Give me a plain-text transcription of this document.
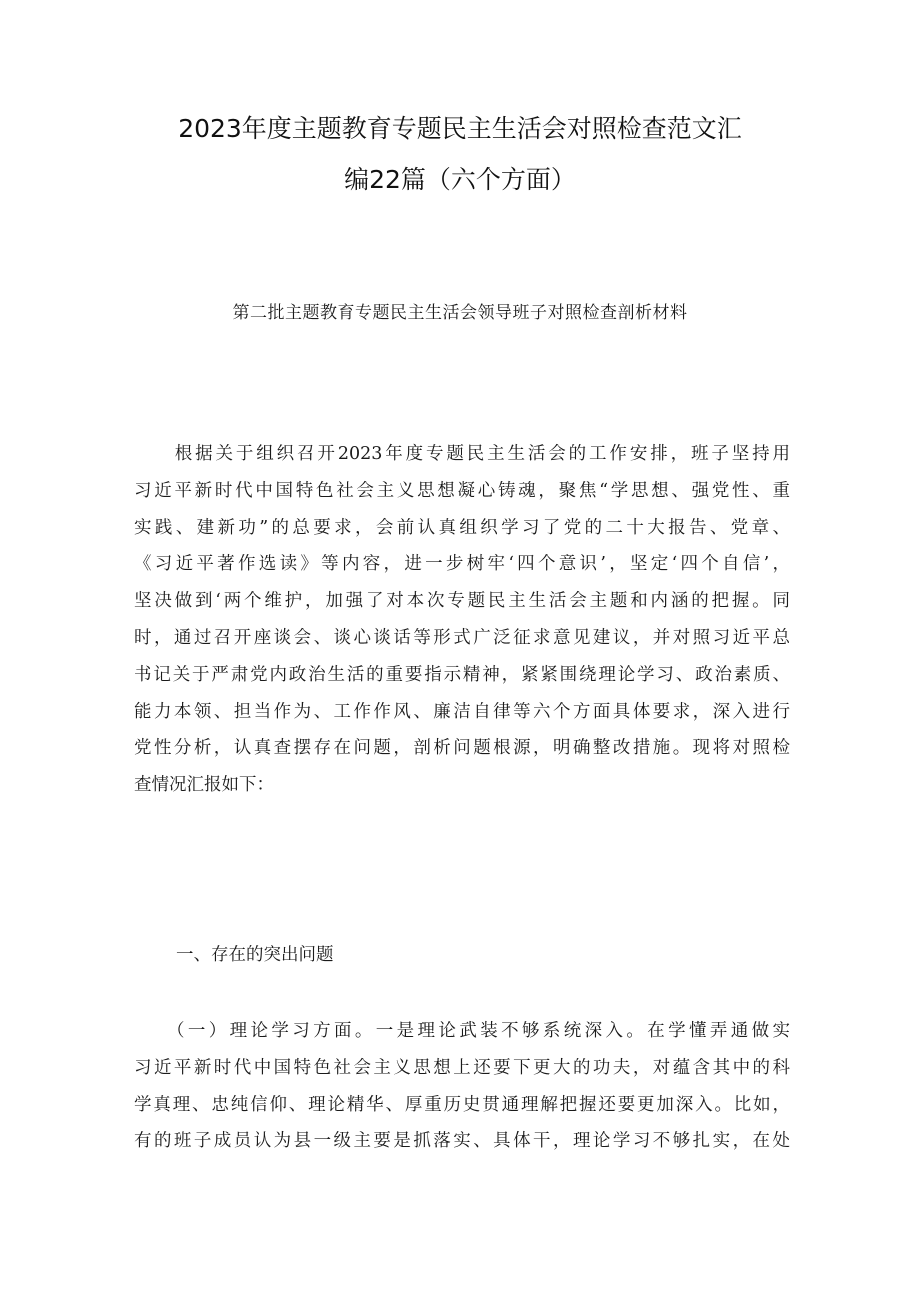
2023年度主题教育专题民主生活会对照检查范文汇
编22篇（六个方面）

第二批主题教育专题民主生活会领导班子对照检查剖析材料

　　根据关于组织召开2023年度专题民主生活会的工作安排，班子坚持用
习近平新时代中国特色社会主义思想凝心铸魂，聚焦“学思想、强党性、重
实践、建新功”的总要求，会前认真组织学习了党的二十大报告、党章、
《习近平著作选读》等内容，进一步树牢‘四个意识’，坚定‘四个自信’，
坚决做到‘两个维护，加强了对本次专题民主生活会主题和内涵的把握。同
时，通过召开座谈会、谈心谈话等形式广泛征求意见建议，并对照习近平总
书记关于严肃党内政治生活的重要指示精神，紧紧围绕理论学习、政治素质、
能力本领、担当作为、工作作风、廉洁自律等六个方面具体要求，深入进行
党性分析，认真查摆存在问题，剖析问题根源，明确整改措施。现将对照检
查情况汇报如下：

一、存在的突出问题

　　（一）理论学习方面。一是理论武装不够系统深入。在学懂弄通做实
习近平新时代中国特色社会主义思想上还要下更大的功夫，对蕴含其中的科
学真理、忠纯信仰、理论精华、厚重历史贯通理解把握还要更加深入。比如，
有的班子成员认为县一级主要是抓落实、具体干，理论学习不够扎实，在处
